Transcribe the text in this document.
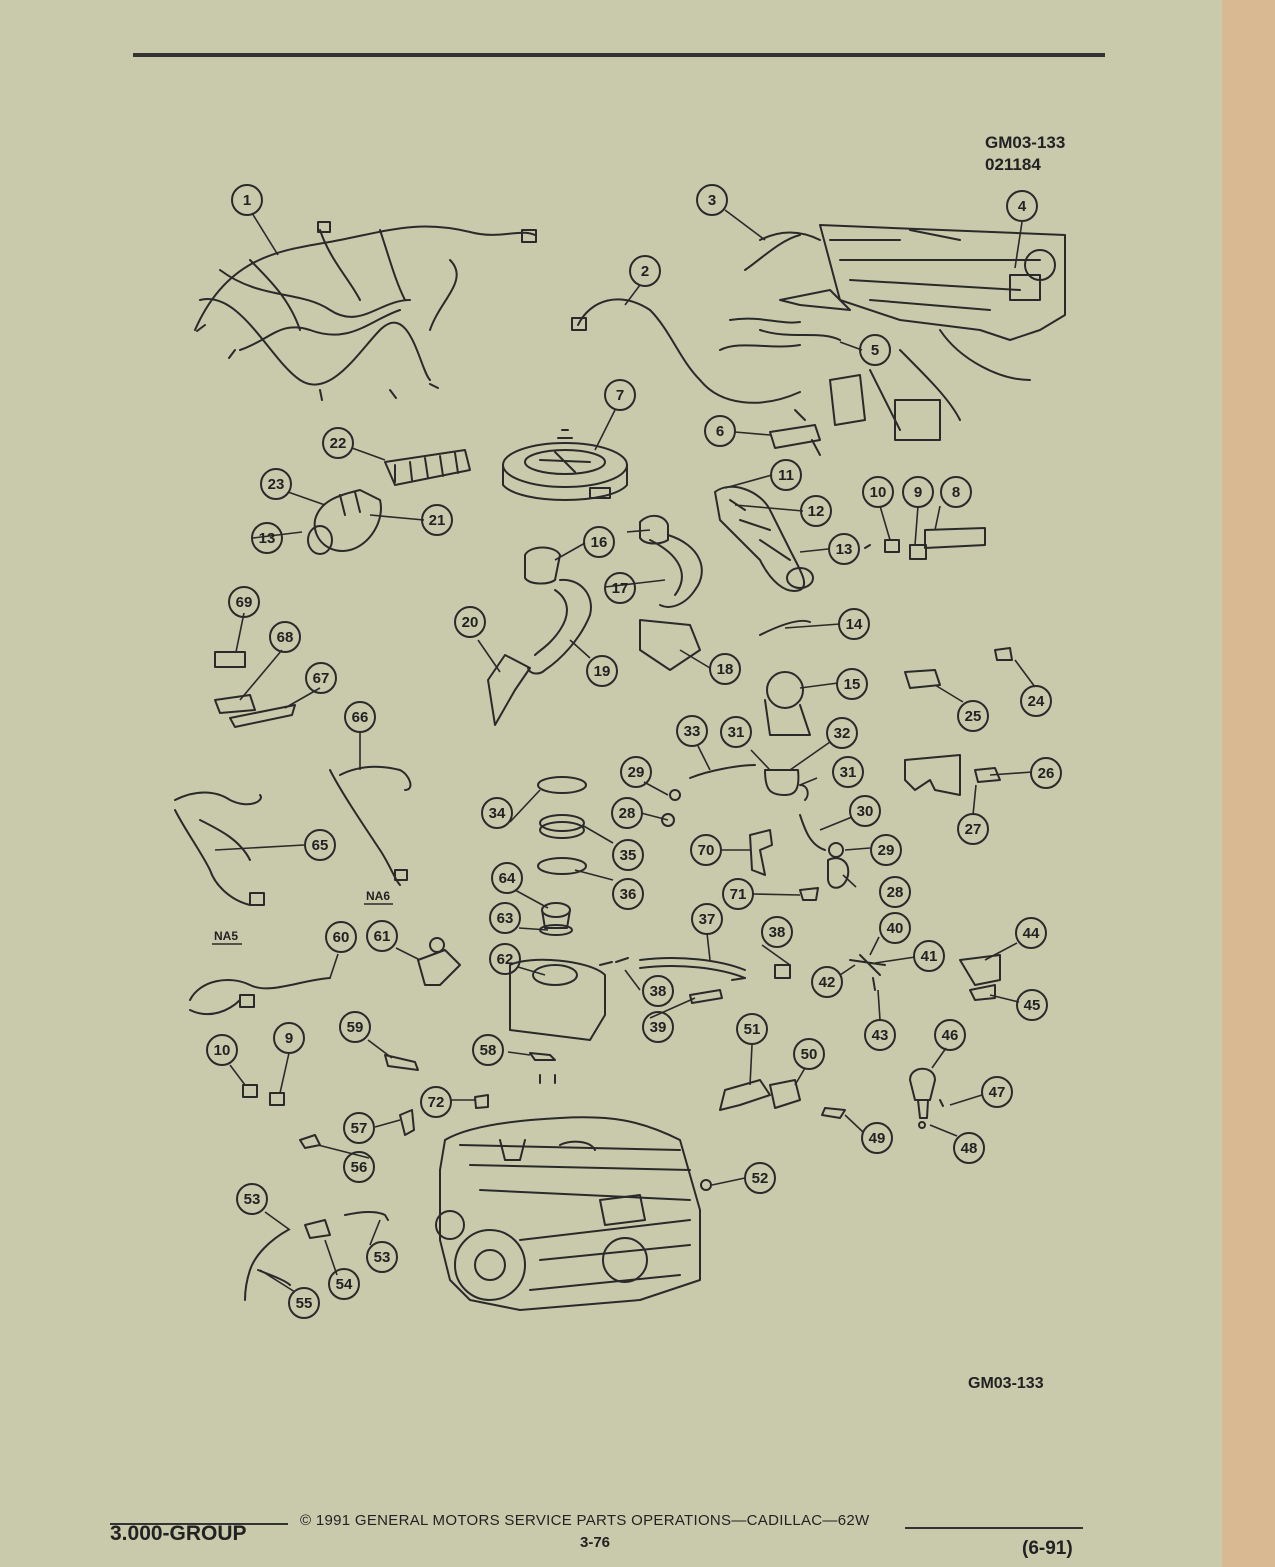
GM03-133
021184
1
2
3	4
5
6
7
8
9
10
11
12
13
13
14
15
16
17
18
19
20
21
22
23
24
25
26
27
28
28
29
29
30
31
31	32
33
34
35
36
37
38
38
39
40
41
42
43
44
45
46
47
48
49
50
51
52
53
53
54
55
56
57
58
59
60 61
62
63
64
65
66
67
68
69
70
71
72
9
10
NA5
NA6
GM03-133
3.000-GROUP
© 1991 GENERAL MOTORS SERVICE PARTS OPERATIONS—CADILLAC—62W
3-76	(6-91)
